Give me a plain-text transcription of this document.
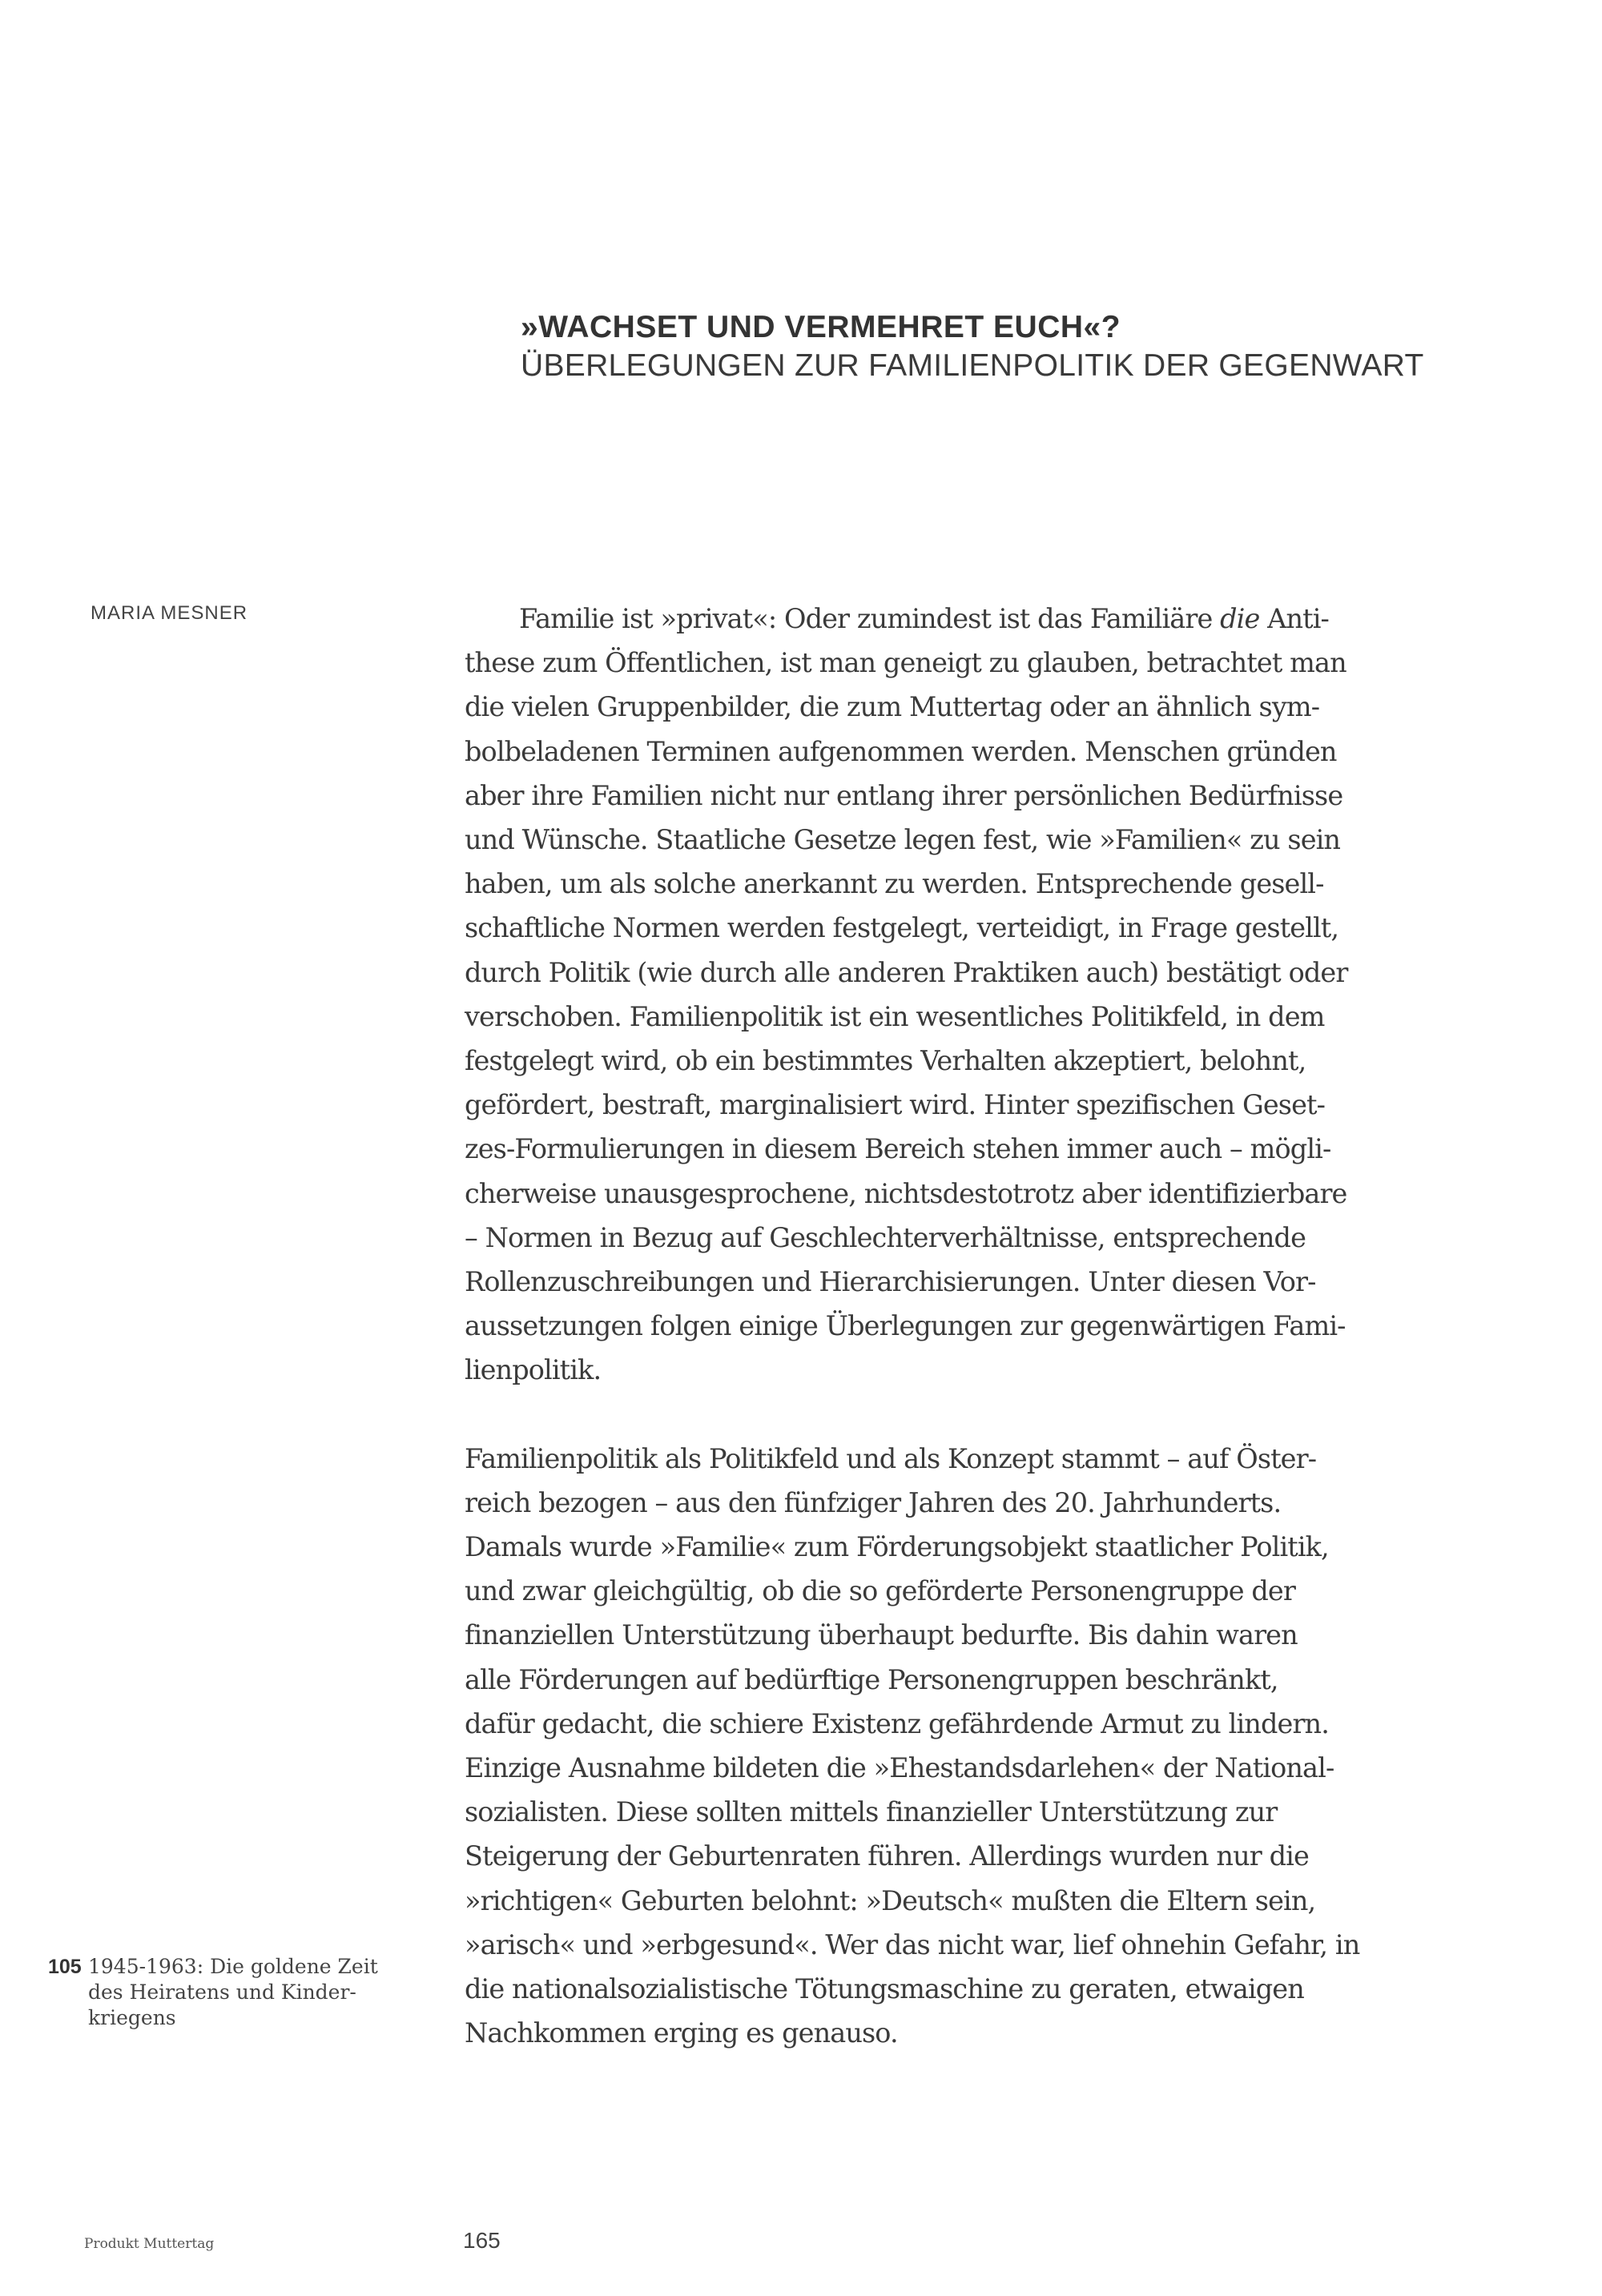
»WACHSET UND VERMEHRET EUCH«?
ÜBERLEGUNGEN ZUR FAMILIENPOLITIK DER GEGENWART
MARIA MESNER	Familie ist »privat«: Oder zumindest ist das Familiäre die Anti-
these zum Öffentlichen, ist man geneigt zu glauben, betrachtet man
die vielen Gruppenbilder, die zum Muttertag oder an ähnlich sym-
bolbeladenen Terminen aufgenommen werden. Menschen gründen
aber ihre Familien nicht nur entlang ihrer persönlichen Bedürfnisse
und Wünsche. Staatliche Gesetze legen fest, wie »Familien« zu sein
haben, um als solche anerkannt zu werden. Entsprechende gesell-
schaftliche Normen werden festgelegt, verteidigt, in Frage gestellt,
durch Politik (wie durch alle anderen Praktiken auch) bestätigt oder
verschoben. Familienpolitik ist ein wesentliches Politikfeld, in dem
festgelegt wird, ob ein bestimmtes Verhalten akzeptiert, belohnt,
gefördert, bestraft, marginalisiert wird. Hinter spezifischen Geset-
zes-Formulierungen in diesem Bereich stehen immer auch – mögli-
cherweise unausgesprochene, nichtsdestotrotz aber identifizierbare
– Normen in Bezug auf Geschlechterverhältnisse, entsprechende
Rollenzuschreibungen und Hierarchisierungen. Unter diesen Vor-
aussetzungen folgen einige Überlegungen zur gegenwärtigen Fami-
lienpolitik.
Familienpolitik als Politikfeld und als Konzept stammt – auf Öster-
reich bezogen – aus den fünfziger Jahren des 20. Jahrhunderts.
Damals wurde »Familie« zum Förderungsobjekt staatlicher Politik,
und zwar gleichgültig, ob die so geförderte Personengruppe der
finanziellen Unterstützung überhaupt bedurfte. Bis dahin waren
alle Förderungen auf bedürftige Personengruppen beschränkt,
dafür gedacht, die schiere Existenz gefährdende Armut zu lindern.
Einzige Ausnahme bildeten die »Ehestandsdarlehen« der National-
sozialisten. Diese sollten mittels finanzieller Unterstützung zur
Steigerung der Geburtenraten führen. Allerdings wurden nur die
»richtigen« Geburten belohnt: »Deutsch« mußten die Eltern sein,
»arisch« und »erbgesund«. Wer das nicht war, lief ohnehin Gefahr, in
die nationalsozialistische Tötungsmaschine zu geraten, etwaigen
Nachkommen erging es genauso.
105 1945-1963: Die goldene Zeit
des Heiratens und Kinder-
kriegens
Produkt Muttertag	165
